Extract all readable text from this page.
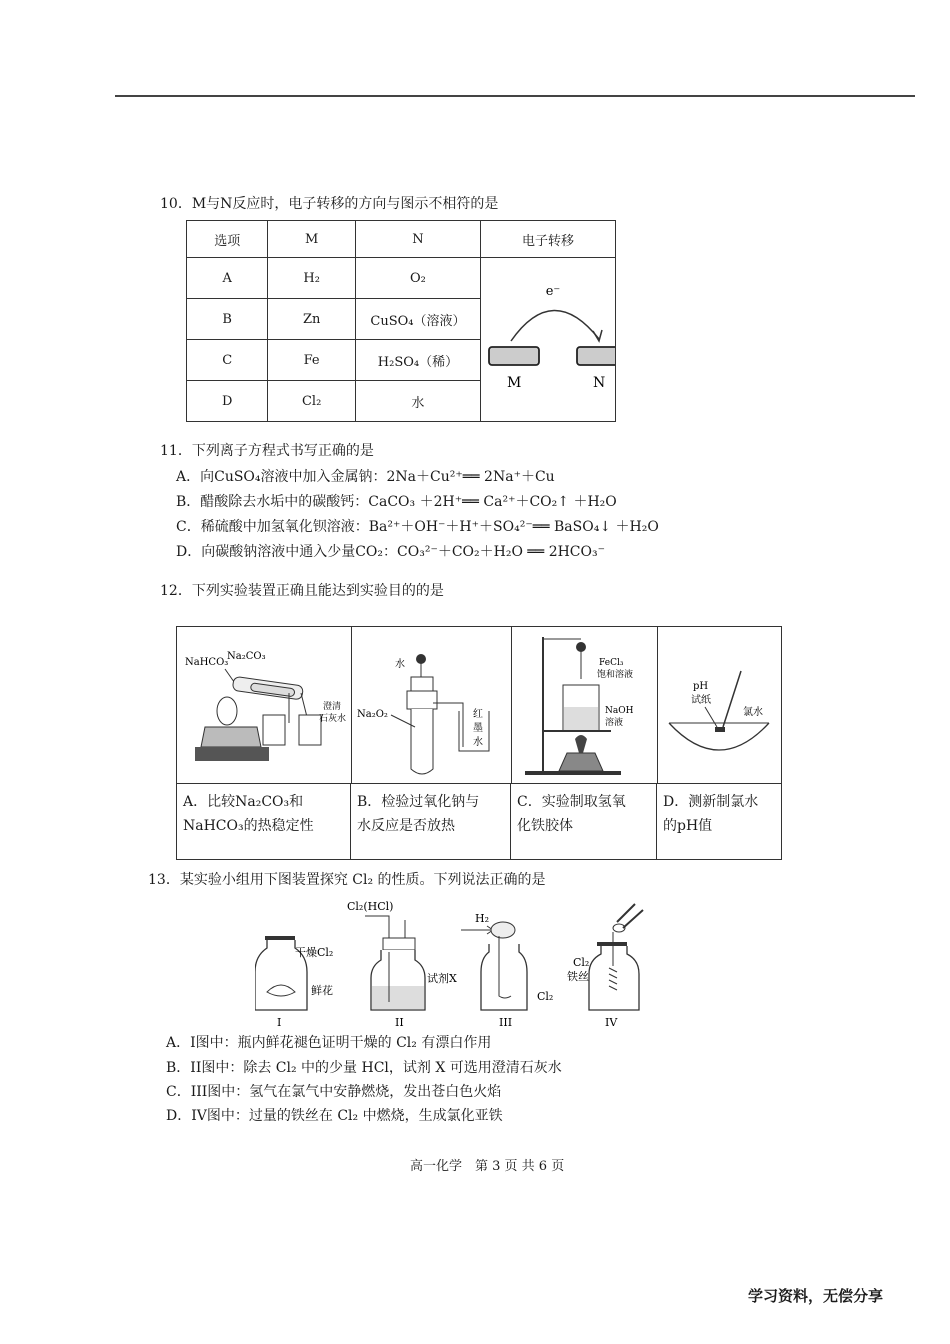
10．M与N反应时，电子转移的方向与图示不相符的是
选项	M	N	电子转移
A	H₂	O₂	e⁻
M N

B	Zn	CuSO₄（溶液）	
C	Fe	H₂SO₄（稀）	
D	Cl₂	水	
11．下列离子方程式书写正确的是
A．向CuSO₄溶液中加入金属钠：2Na＋Cu²⁺══ 2Na⁺＋Cu
B．醋酸除去水垢中的碳酸钙：CaCO₃ ＋2H⁺══ Ca²⁺＋CO₂↑ ＋H₂O
C．稀硫酸中加氢氧化钡溶液：Ba²⁺＋OH⁻＋H⁺＋SO₄²⁻══ BaSO₄↓ ＋H₂O
D．向碳酸钠溶液中通入少量CO₂：CO₃²⁻＋CO₂＋H₂O ══ 2HCO₃⁻
12．下列实验装置正确且能达到实验目的的是
NaHCO₃
Na₂CO₃
澄清
石灰水
水
Na₂O₂	红
墨
水
FeCl₃
饱和溶液
NaOH
溶液
pH
试纸
氯水
A．比较Na₂CO₃和
NaHCO₃的热稳定性
B．检验过氧化钠与
水反应是否放热
C．实验制取氢氧
化铁胶体
D．测新制氯水
的pH值
13．某实验小组用下图装置探究 Cl₂ 的性质。下列说法正确的是
干燥Cl₂
鲜花
I
Cl₂(HCl)
试剂X
II
H₂
Cl₂
III
Cl₂
铁丝
IV
A．I图中：瓶内鲜花褪色证明干燥的 Cl₂ 有漂白作用
B．II图中：除去 Cl₂ 中的少量 HCl，试剂 X 可选用澄清石灰水
C．III图中：氢气在氯气中安静燃烧，发出苍白色火焰
D．IV图中：过量的铁丝在 Cl₂ 中燃烧，生成氯化亚铁
高一化学　第 3 页 共 6 页
学习资料，无偿分享
